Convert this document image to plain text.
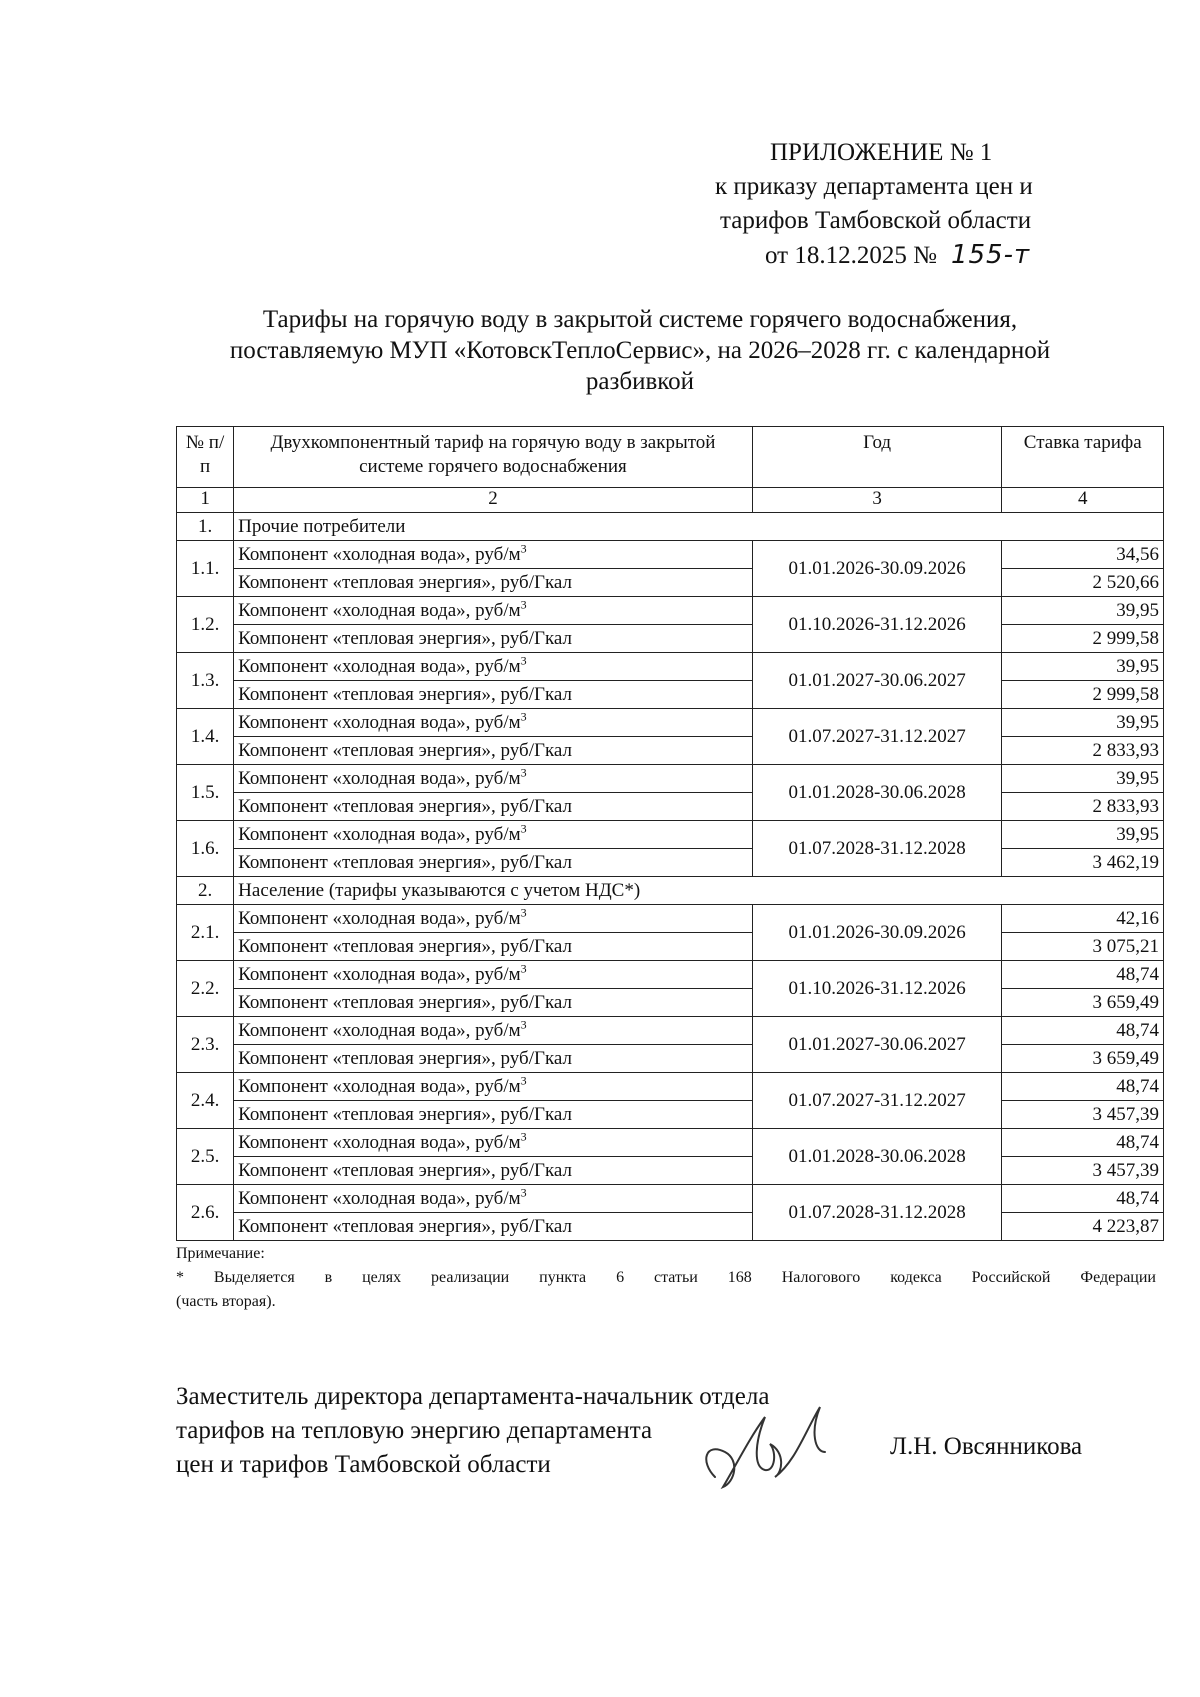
ПРИЛОЖЕНИЕ № 1
к приказу департамента цен и
тарифов Тамбовской области
от 18.12.2025 № 155-т
Тарифы на горячую воду в закрытой системе горячего водоснабжения,
поставляемую МУП «КотовскТеплоСервис», на 2026–2028 гг. с календарной
разбивкой
№ п/п	Двухкомпонентный тариф на горячую воду в закрытой системе горячего водоснабжения	Год	Ставка тарифа
1	2	3	4
1.	Прочие потребители		
1.1.	Компонент «холодная вода», руб/$м^3$	01.01.2026-30.09.2026	34,56
	Компонент «тепловая энергия», руб/Гкал		2 520,66
1.2.	Компонент «холодная вода», руб/$м^3$	01.10.2026-31.12.2026	39,95
	Компонент «тепловая энергия», руб/Гкал		2 999,58
1.3.	Компонент «холодная вода», руб/$м^3$	01.01.2027-30.06.2027	39,95
	Компонент «тепловая энергия», руб/Гкал		2 999,58
1.4.	Компонент «холодная вода», руб/$м^3$	01.07.2027-31.12.2027	39,95
	Компонент «тепловая энергия», руб/Гкал		2 833,93
1.5.	Компонент «холодная вода», руб/$м^3$	01.01.2028-30.06.2028	39,95
	Компонент «тепловая энергия», руб/Гкал		2 833,93
1.6.	Компонент «холодная вода», руб/$м^3$	01.07.2028-31.12.2028	39,95
	Компонент «тепловая энергия», руб/Гкал		3 462,19
2.	Население (тарифы указываются с учетом НДС*)		
2.1.	Компонент «холодная вода», руб/$м^3$	01.01.2026-30.09.2026	42,16
	Компонент «тепловая энергия», руб/Гкал		3 075,21
2.2.	Компонент «холодная вода», руб/$м^3$	01.10.2026-31.12.2026	48,74
	Компонент «тепловая энергия», руб/Гкал		3 659,49
2.3.	Компонент «холодная вода», руб/$м^3$	01.01.2027-30.06.2027	48,74
	Компонент «тепловая энергия», руб/Гкал		3 659,49
2.4.	Компонент «холодная вода», руб/$м^3$	01.07.2027-31.12.2027	48,74
	Компонент «тепловая энергия», руб/Гкал		3 457,39
2.5.	Компонент «холодная вода», руб/$м^3$	01.01.2028-30.06.2028	48,74
	Компонент «тепловая энергия», руб/Гкал		3 457,39
2.6.	Компонент «холодная вода», руб/$м^3$	01.07.2028-31.12.2028	48,74
	Компонент «тепловая энергия», руб/Гкал		4 223,87
Примечание:
* Выделяется в целях реализации пункта 6 статьи 168 Налогового кодекса Российской Федерации
(часть вторая).
Заместитель директора департамента-начальник отдела
тарифов на тепловую энергию департамента
цен и тарифов Тамбовской области
Л.Н. Овсянникова
